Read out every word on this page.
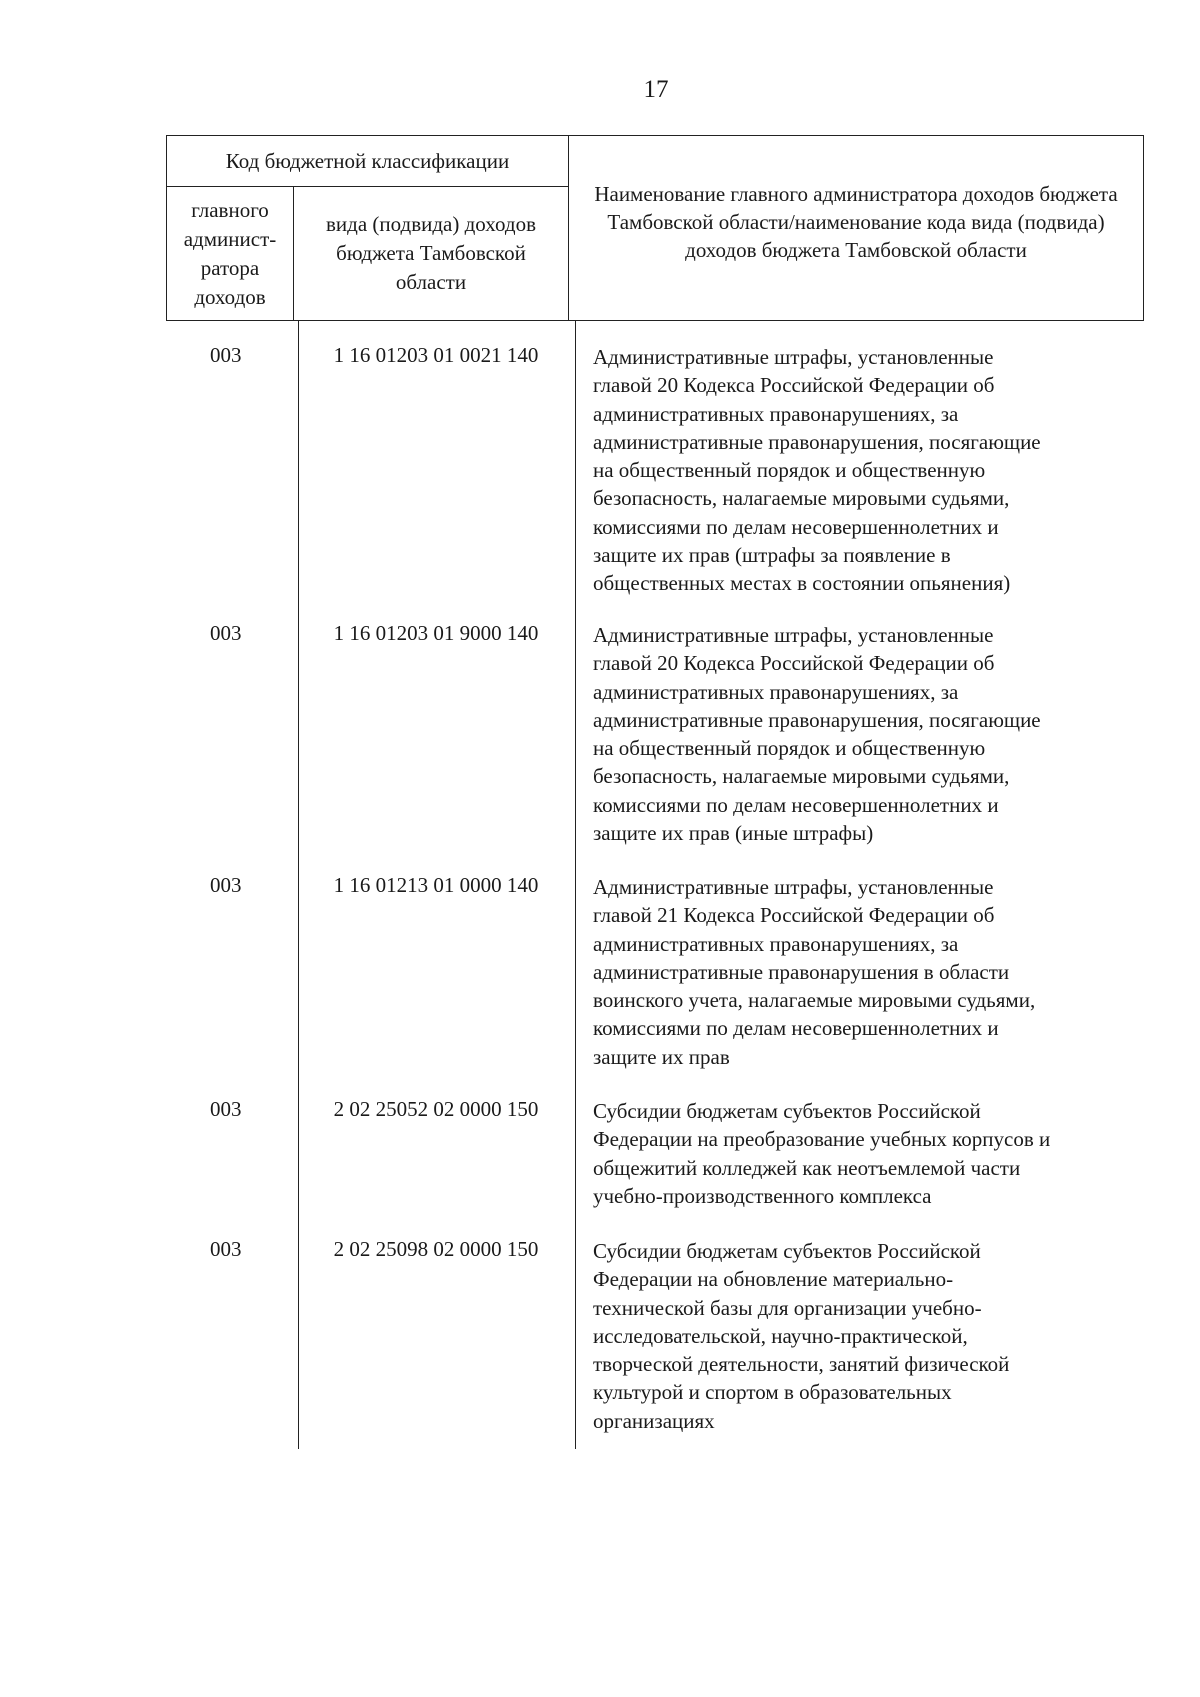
17
Код бюджетной классификации
главного
админист-
ратора
доходов
вида (подвида) доходов бюджета Тамбовской области
Наименование главного администратора доходов бюджета Тамбовской области/наименование кода вида (подвида) доходов бюджета Тамбовской области
003	1 16 01203 01 0021 140	Административные штрафы, установленные
главой 20 Кодекса Российской Федерации об
административных правонарушениях, за
административные правонарушения, посягающие
на общественный порядок и общественную
безопасность, налагаемые мировыми судьями,
комиссиями по делам несовершеннолетних и
защите их прав (штрафы за появление в
общественных местах в состоянии опьянения)
003	1 16 01203 01 9000 140	Административные штрафы, установленные
главой 20 Кодекса Российской Федерации об
административных правонарушениях, за
административные правонарушения, посягающие
на общественный порядок и общественную
безопасность, налагаемые мировыми судьями,
комиссиями по делам несовершеннолетних и
защите их прав (иные штрафы)
003	1 16 01213 01 0000 140	Административные штрафы, установленные
главой 21 Кодекса Российской Федерации об
административных правонарушениях, за
административные правонарушения в области
воинского учета, налагаемые мировыми судьями,
комиссиями по делам несовершеннолетних и
защите их прав
003	2 02 25052 02 0000 150	Субсидии бюджетам субъектов Российской
Федерации на преобразование учебных корпусов и
общежитий колледжей как неотъемлемой части
учебно-производственного комплекса
003	2 02 25098 02 0000 150	Субсидии бюджетам субъектов Российской
Федерации на обновление материально-
технической базы для организации учебно-
исследовательской, научно-практической,
творческой деятельности, занятий физической
культурой и спортом в образовательных
организациях
